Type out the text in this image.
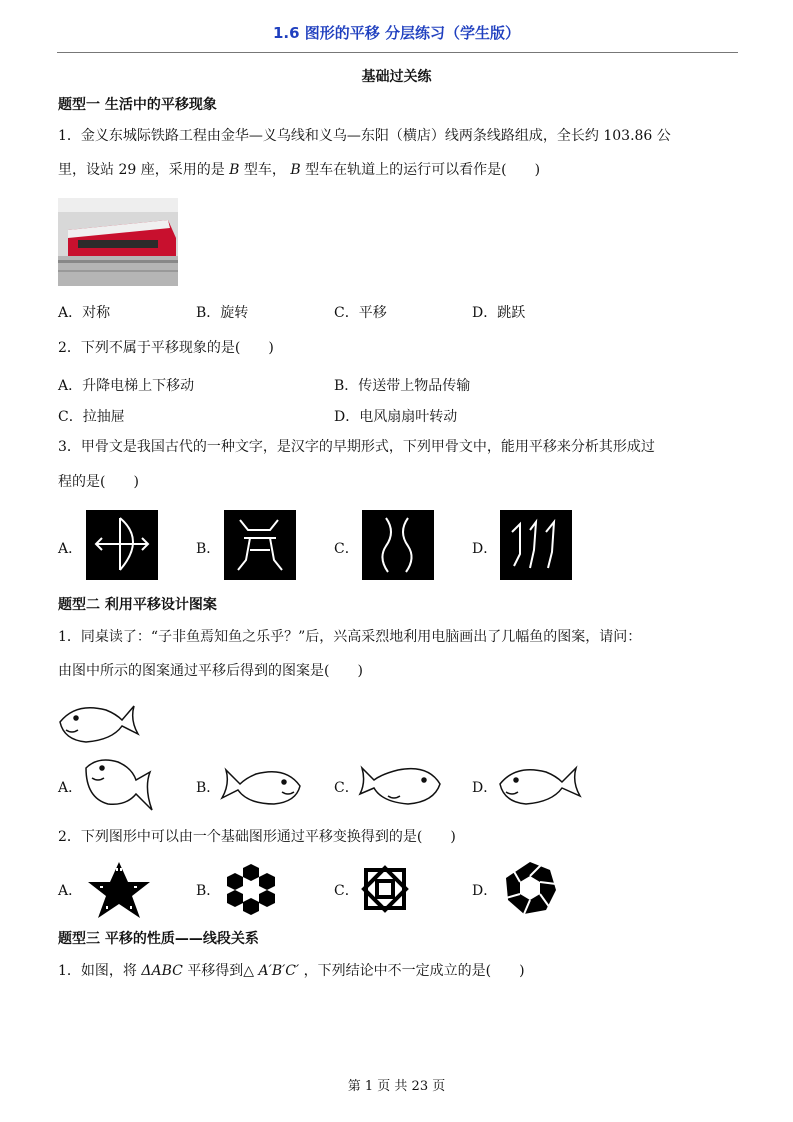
1.6 图形的平移 分层练习（学生版）
基础过关练
题型一 生活中的平移现象
1．金义东城际铁路工程由金华—义乌线和义乌—东阳（横店）线两条线路组成，全长约 103.86 公
里，设站 29 座，采用的是 B 型车， B 型车在轨道上的运行可以看作是(　　)
A．对称	B．旋转	C．平移	D．跳跃
2．下列不属于平移现象的是(　　)
A．升降电梯上下移动	B．传送带上物品传输
C．拉抽屉	D．电风扇扇叶转动
3．甲骨文是我国古代的一种文字，是汉字的早期形式，下列甲骨文中，能用平移来分析其形成过
程的是(　　)
A．	B．	C．	D．
题型二 利用平移设计图案
1．同桌读了：“子非鱼焉知鱼之乐乎？”后，兴高采烈地利用电脑画出了几幅鱼的图案，请问：
由图中所示的图案通过平移后得到的图案是(　　)
A．	B．	C．	D．
2．下列图形中可以由一个基础图形通过平移变换得到的是(　　)
A．	B．	C．	D．
题型三 平移的性质——线段关系
1．如图，将 ΔABC 平移得到△ A′B′C′ ，下列结论中不一定成立的是(　　)
第 1 页 共 23 页
